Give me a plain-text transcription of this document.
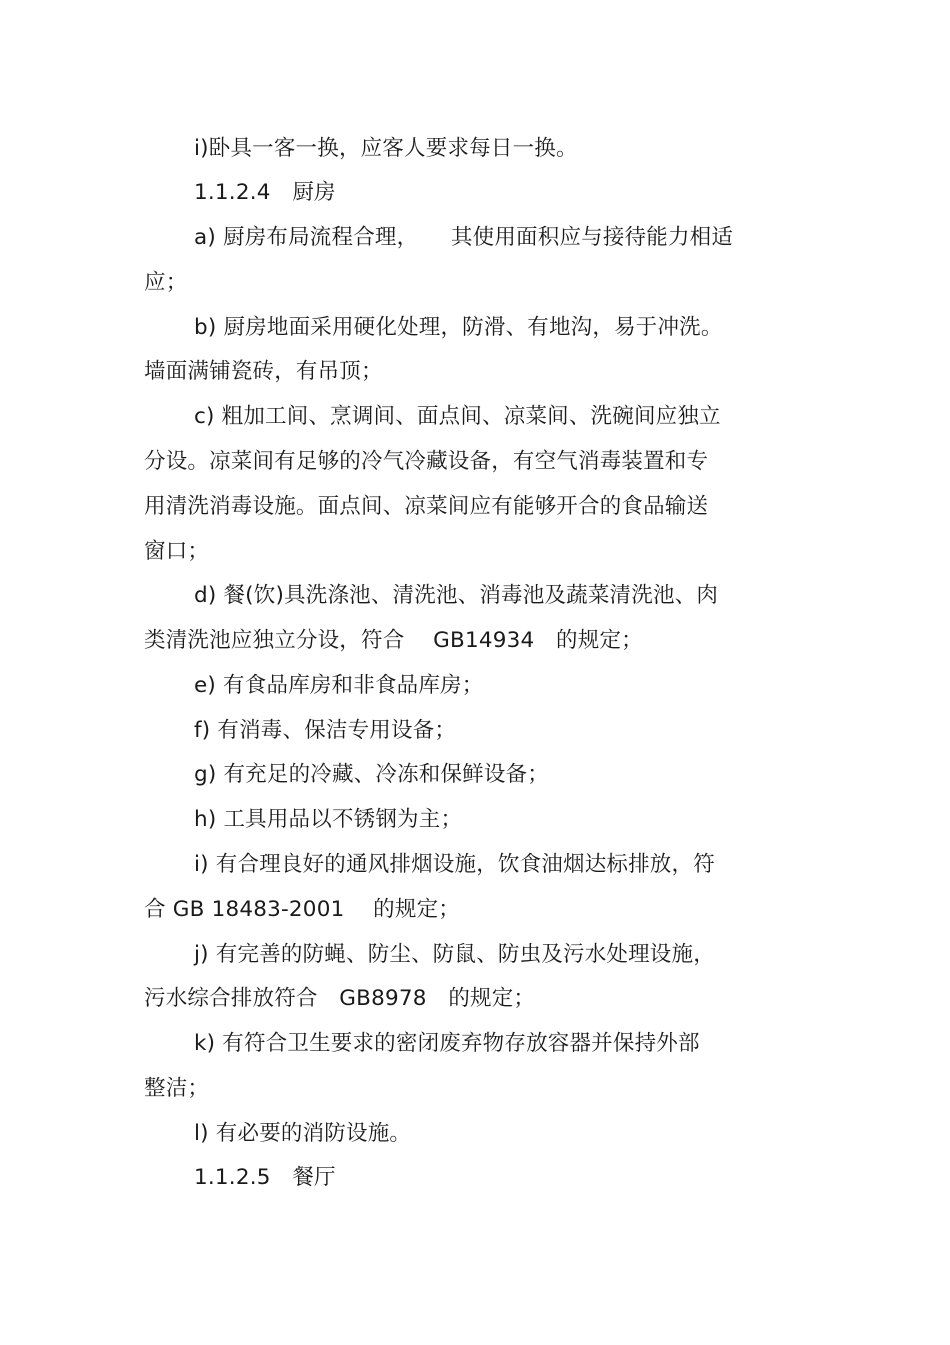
i)卧具一客一换，应客人要求每日一换。
1.1.2.4　厨房
a) 厨房布局流程合理，　　其使用面积应与接待能力相适
应；
b) 厨房地面采用硬化处理，防滑、有地沟，易于冲洗。
墙面满铺瓷砖，有吊顶；
c) 粗加工间、烹调间、面点间、凉菜间、洗碗间应独立
分设。凉菜间有足够的冷气冷藏设备，有空气消毒装置和专
用清洗消毒设施。面点间、凉菜间应有能够开合的食品输送
窗口；
d) 餐(饮)具洗涤池、清洗池、消毒池及蔬菜清洗池、肉
类清洗池应独立分设，符合　 GB14934　的规定；
e) 有食品库房和非食品库房；
f) 有消毒、保洁专用设备；
g) 有充足的冷藏、冷冻和保鲜设备；
h) 工具用品以不锈钢为主；
i) 有合理良好的通风排烟设施，饮食油烟达标排放，符
合 GB 18483-2001　 的规定；
j) 有完善的防蝇、防尘、防鼠、防虫及污水处理设施，
污水综合排放符合　GB8978　的规定；
k) 有符合卫生要求的密闭废弃物存放容器并保持外部
整洁；
l) 有必要的消防设施。
1.1.2.5　餐厅
